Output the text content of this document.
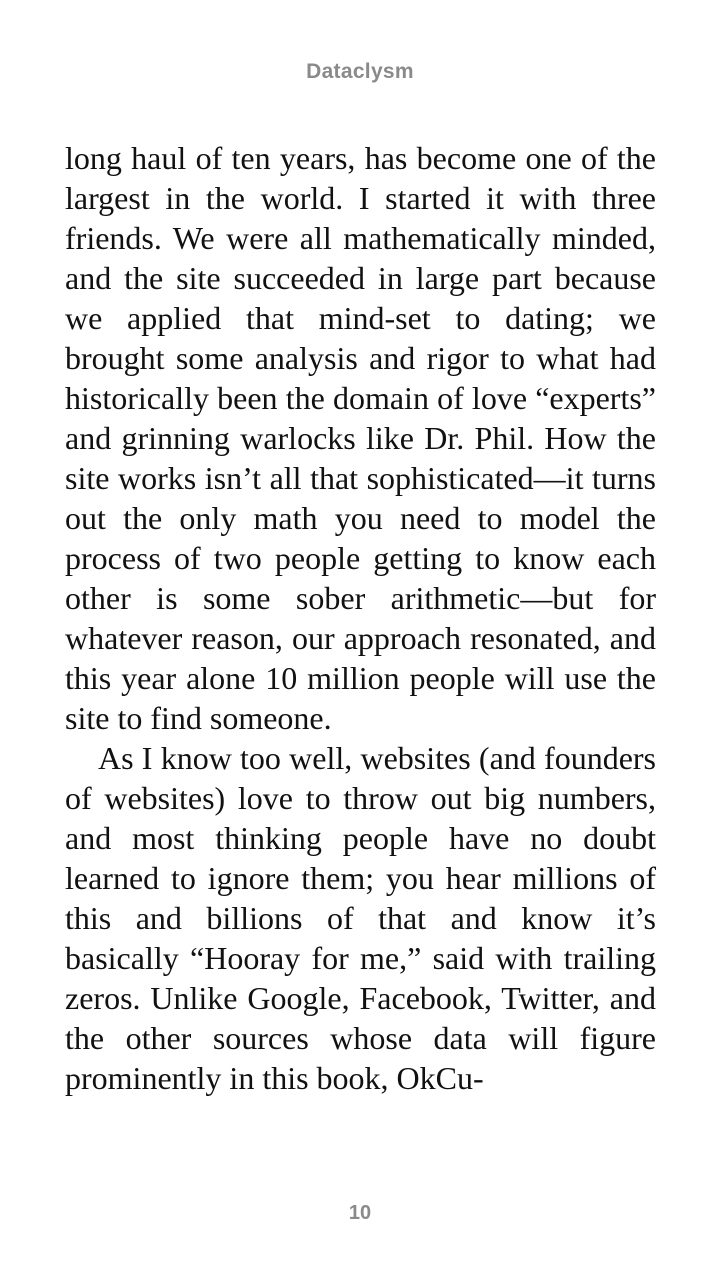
Dataclysm

long haul of ten years, has become one of the largest in the world. I started it with three friends. We were all mathematically minded, and the site succeeded in large part because we applied that mind-set to dating; we brought some analysis and rigor to what had historically been the domain of love “experts” and grinning warlocks like Dr. Phil. How the site works isn’t all that sophisticated—it turns out the only math you need to model the process of two people getting to know each other is some sober arithmetic—but for whatever reason, our approach resonated, and this year alone 10 million people will use the site to find someone.

As I know too well, websites (and founders of websites) love to throw out big numbers, and most thinking people have no doubt learned to ignore them; you hear millions of this and billions of that and know it’s basically “Hooray for me,” said with trailing zeros. Unlike Google, Facebook, Twitter, and the other sources whose data will figure prominently in this book, OkCu-

10
